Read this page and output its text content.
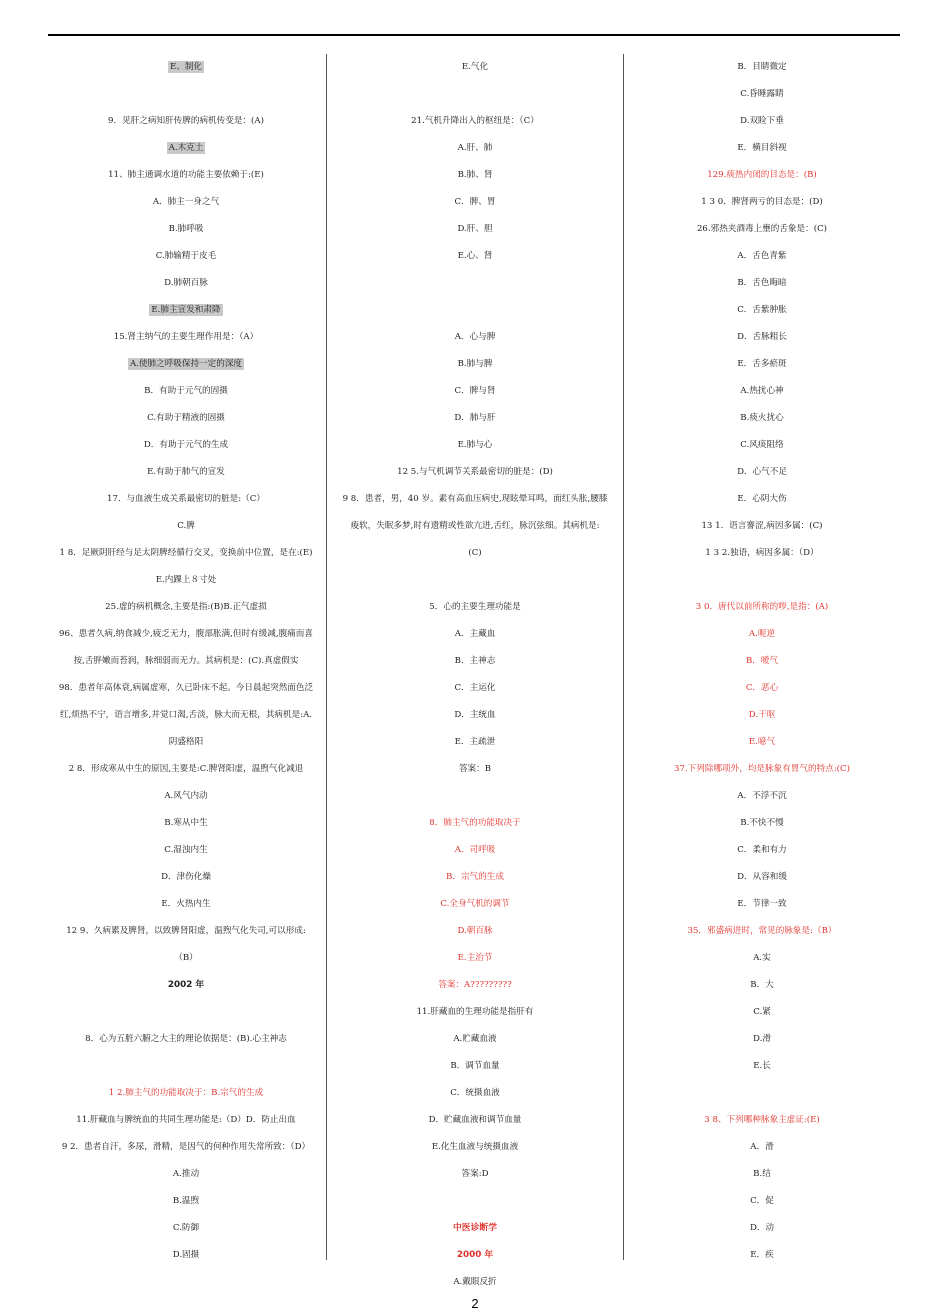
E、制化
9．见肝之病知肝传脾的病机传变是：(A)
A.木克土
11、肺主通调水道的功能主要依赖于:(E)
A．肺主一身之气
B.肺呼吸
C.肺输精于皮毛
D.肺朝百脉
E.肺主宣发和肃降
15.肾主纳气的主要生理作用是：（A）
A.使肺之呼吸保持一定的深度
B．有助于元气的固摄
C.有助于精液的固摄
D．有助于元气的生成
E.有助于肺气的宣发
17．与血液生成关系最密切的脏是:（C）
C.脾
1 8．足厥阴肝经与足太阴脾经循行交叉，变换前中位置，是在:(E)
E.内踝上８寸处
25.虚的病机概念,主要是指:(B)B.正气虚损
96、患者久病,纳食减少,疲乏无力，腹部胀满,但时有缓减,腹痛而喜
按,舌胖嫩而苔润，脉细弱而无力。其病机是：(C).真虚假实
98．患者年高体衰,病属虚寒，久已卧床不起。今日晨起突然面色泛
红,烦热不宁，语言增多,并觉口渴,舌淡，脉大而无根，其病机是:A.
阴盛格阳
2 8．形成寒从中生的原因,主要是:C.脾肾阳虚，温煦气化减退
A.风气内动
B.寒从中生
C.湿浊内生
D．津伤化燥
E．火热内生
12 9、久病累及脾肾，以致脾肾阳虚，温煦气化失司,可以形成:
（B）
2002 年
8．心为五脏六腑之大主的理论依据是：(B).心主神志
1 2.肺主气的功能取决于：B.宗气的生成
11.肝藏血与脾统血的共同生理功能是:（D）D．防止出血
9 2．患者自汗，多尿，滑精，是因气的何种作用失常所致：（D）
A.推动
B.温煦
C.防御
D.固摄
E.气化
21.气机升降出入的枢纽是：（C）
A.肝、肺
B.肺、肾
C．脾、胃
D.肝、胆
E.心、肾
A．心与脾
B.肺与脾
C．脾与肾
D．肺与肝
E.肺与心
12 5.与气机调节关系最密切的脏是：(D)
9 8．患者，男，40 岁。素有高血压病史,现眩晕耳鸣，面红头胀,腰膝
痠软，失眠多梦,时有遗精或性欲亢进,舌红，脉沉弦细。其病机是:
(C)
5．心的主要生理功能是
A．主藏血
B．主神志
C．主运化
D．主统血
E．主疏泄
答案：B
8．肺主气的功能取决于
A．司呼吸
B．宗气的生成
C.全身气机的调节
D.朝百脉
E.主治节
答案：A?????????
11.肝藏血的生理功能是指肝有
A.贮藏血液
B．调节血量
C．统摄血液
D．贮藏血液和调节血量
E.化生血液与统摄血液
答案:D
中医诊断学
2000 年
A.戴眼反折
B．目睛微定
C.昏睡露睛
D.双睑下垂
E．横目斜视
129.痰热内闭的目态是：(B)
1 3 0．脾肾两亏的目态是：(D)
26.邪热夹酒毒上壅的舌象是：(C)
A．舌色青紫
B．舌色晦暗
C．舌紫肿胀
D．舌脉粗长
E．舌多瘀斑
A.热扰心神
B.痰火扰心
C.风痰阻络
D．心气不足
E．心阴大伤
13 1．语言謇涩,病因多属：(C)
1 3 2.独语，病因多属：（D）
3 0．唐代以前所称的哕,是指：(A)
A.呃逆
B．嗳气
C．恶心
D.干呕
E.噫气
37.下列除哪项外，均是脉象有胃气的特点:(C)
A．不浮不沉
B.不快不慢
C．柔和有力
D．从容和缓
E．节律一致
35．邪盛病进时，常见的脉象是:（B）
A.实
B．大
C.紧
D.滑
E.长
3 8、下列哪种脉象主虚证:(E)
A．滑
B.结
C．促
D．动
E．疾
2
